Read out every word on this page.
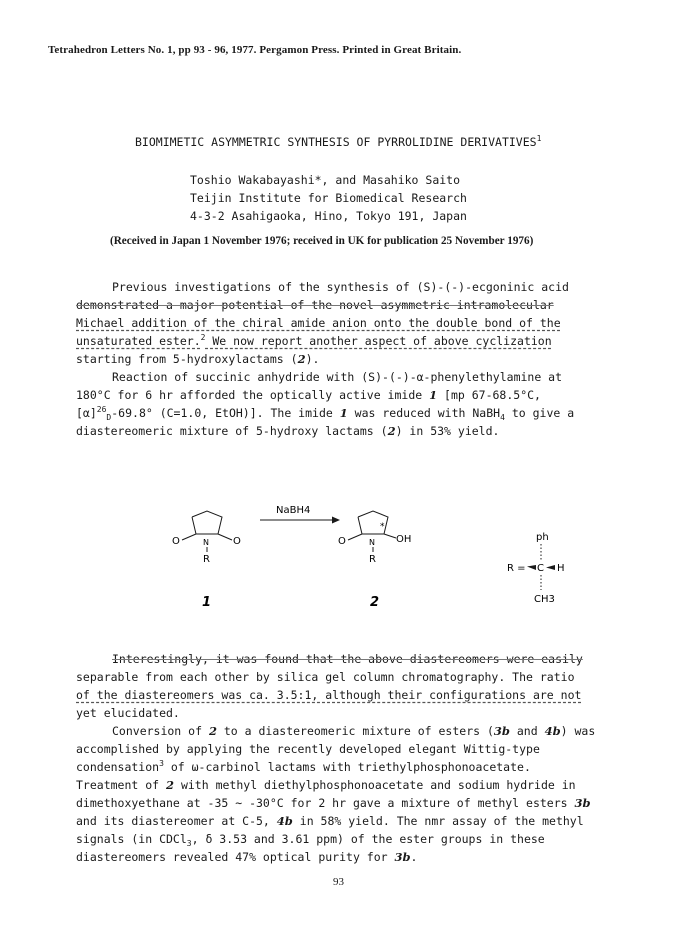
Tetrahedron Letters No. 1, pp 93 - 96, 1977. Pergamon Press. Printed in Great Britain.
BIOMIMETIC ASYMMETRIC SYNTHESIS OF PYRROLIDINE DERIVATIVES$^1$
Toshio Wakabayashi*, and Masahiko Saito
Teijin Institute for Biomedical Research
4-3-2 Asahigaoka, Hino, Tokyo 191, Japan
(Received in Japan 1 November 1976; received in UK for publication 25 November 1976)
Previous investigations of the synthesis of (S)-(-)-ecgoninic acid
demonstrated a major potential of the novel asymmetric intramolecular
Michael addition of the chiral amide anion onto the double bond of the
unsaturated ester.$^2$ We now report another aspect of above cyclization
starting from 5-hydroxylactams (2).
Reaction of succinic anhydride with (S)-(-)-α-phenylethylamine at
180°C for 6 hr afforded the optically active imide 1 [mp 67-68.5°C,
$[\alpha]^{26}_D-69.8^\circ$ (C=1.0, EtOH)]. The imide 1 was reduced with NaBH$_4$ to give a
diastereomeric mixture of 5-hydroxy lactams (2) in 53% yield.
O	O
N
R
1
NaBH4
O	OH
*
N
R
2
ph
R = C H
CH3
Interestingly, it was found that the above diastereomers were easily
separable from each other by silica gel column chromatography. The ratio
of the diastereomers was ca. 3.5:1, although their configurations are not
yet elucidated.
Conversion of 2 to a diastereomeric mixture of esters (3b and 4b) was
accomplished by applying the recently developed elegant Wittig-type
condensation$^3$ of ω-carbinol lactams with triethylphosphonoacetate.
Treatment of 2 with methyl diethylphosphonoacetate and sodium hydride in
dimethoxyethane at -35 ∼ -30°C for 2 hr gave a mixture of methyl esters 3b
and its diastereomer at C-5, 4b in 58% yield. The nmr assay of the methyl
signals (in CDCl$_3$, δ 3.53 and 3.61 ppm) of the ester groups in these
diastereomers revealed 47% optical purity for 3b.
93
